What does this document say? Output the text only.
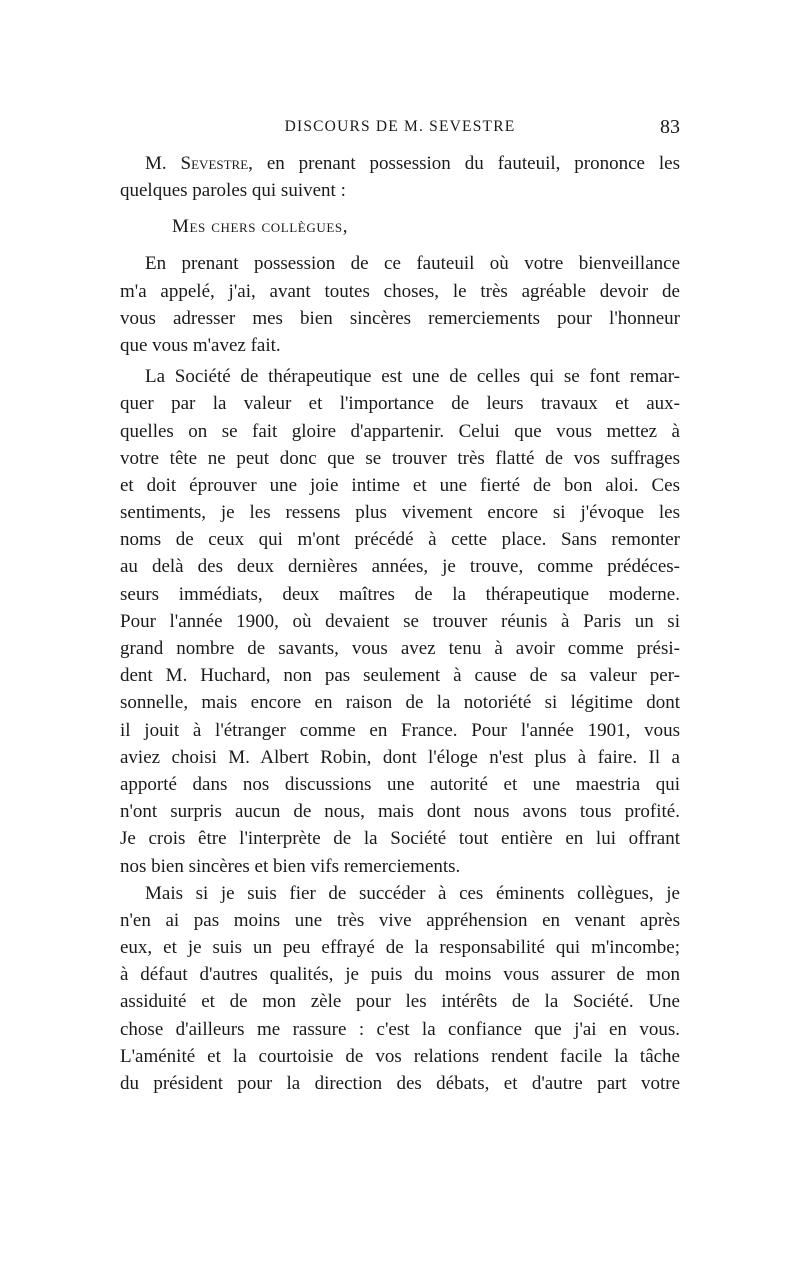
DISCOURS DE M. SEVESTRE	83
M. Sevestre, en prenant possession du fauteuil, prononce les
quelques paroles qui suivent :
Mes chers collègues,
En prenant possession de ce fauteuil où votre bienveillance
m'a appelé, j'ai, avant toutes choses, le très agréable devoir de
vous adresser mes bien sincères remerciements pour l'honneur
que vous m'avez fait.
La Société de thérapeutique est une de celles qui se font remar-
quer par la valeur et l'importance de leurs travaux et aux-
quelles on se fait gloire d'appartenir. Celui que vous mettez à
votre tête ne peut donc que se trouver très flatté de vos suffrages
et doit éprouver une joie intime et une fierté de bon aloi. Ces
sentiments, je les ressens plus vivement encore si j'évoque les
noms de ceux qui m'ont précédé à cette place. Sans remonter
au delà des deux dernières années, je trouve, comme prédéces-
seurs immédiats, deux maîtres de la thérapeutique moderne.
Pour l'année 1900, où devaient se trouver réunis à Paris un si
grand nombre de savants, vous avez tenu à avoir comme prési-
dent M. Huchard, non pas seulement à cause de sa valeur per-
sonnelle, mais encore en raison de la notoriété si légitime dont
il jouit à l'étranger comme en France. Pour l'année 1901, vous
aviez choisi M. Albert Robin, dont l'éloge n'est plus à faire. Il a
apporté dans nos discussions une autorité et une maestria qui
n'ont surpris aucun de nous, mais dont nous avons tous profité.
Je crois être l'interprète de la Société tout entière en lui offrant
nos bien sincères et bien vifs remerciements.
Mais si je suis fier de succéder à ces éminents collègues, je
n'en ai pas moins une très vive appréhension en venant après
eux, et je suis un peu effrayé de la responsabilité qui m'incombe;
à défaut d'autres qualités, je puis du moins vous assurer de mon
assiduité et de mon zèle pour les intérêts de la Société. Une
chose d'ailleurs me rassure : c'est la confiance que j'ai en vous.
L'aménité et la courtoisie de vos relations rendent facile la tâche
du président pour la direction des débats, et d'autre part votre
